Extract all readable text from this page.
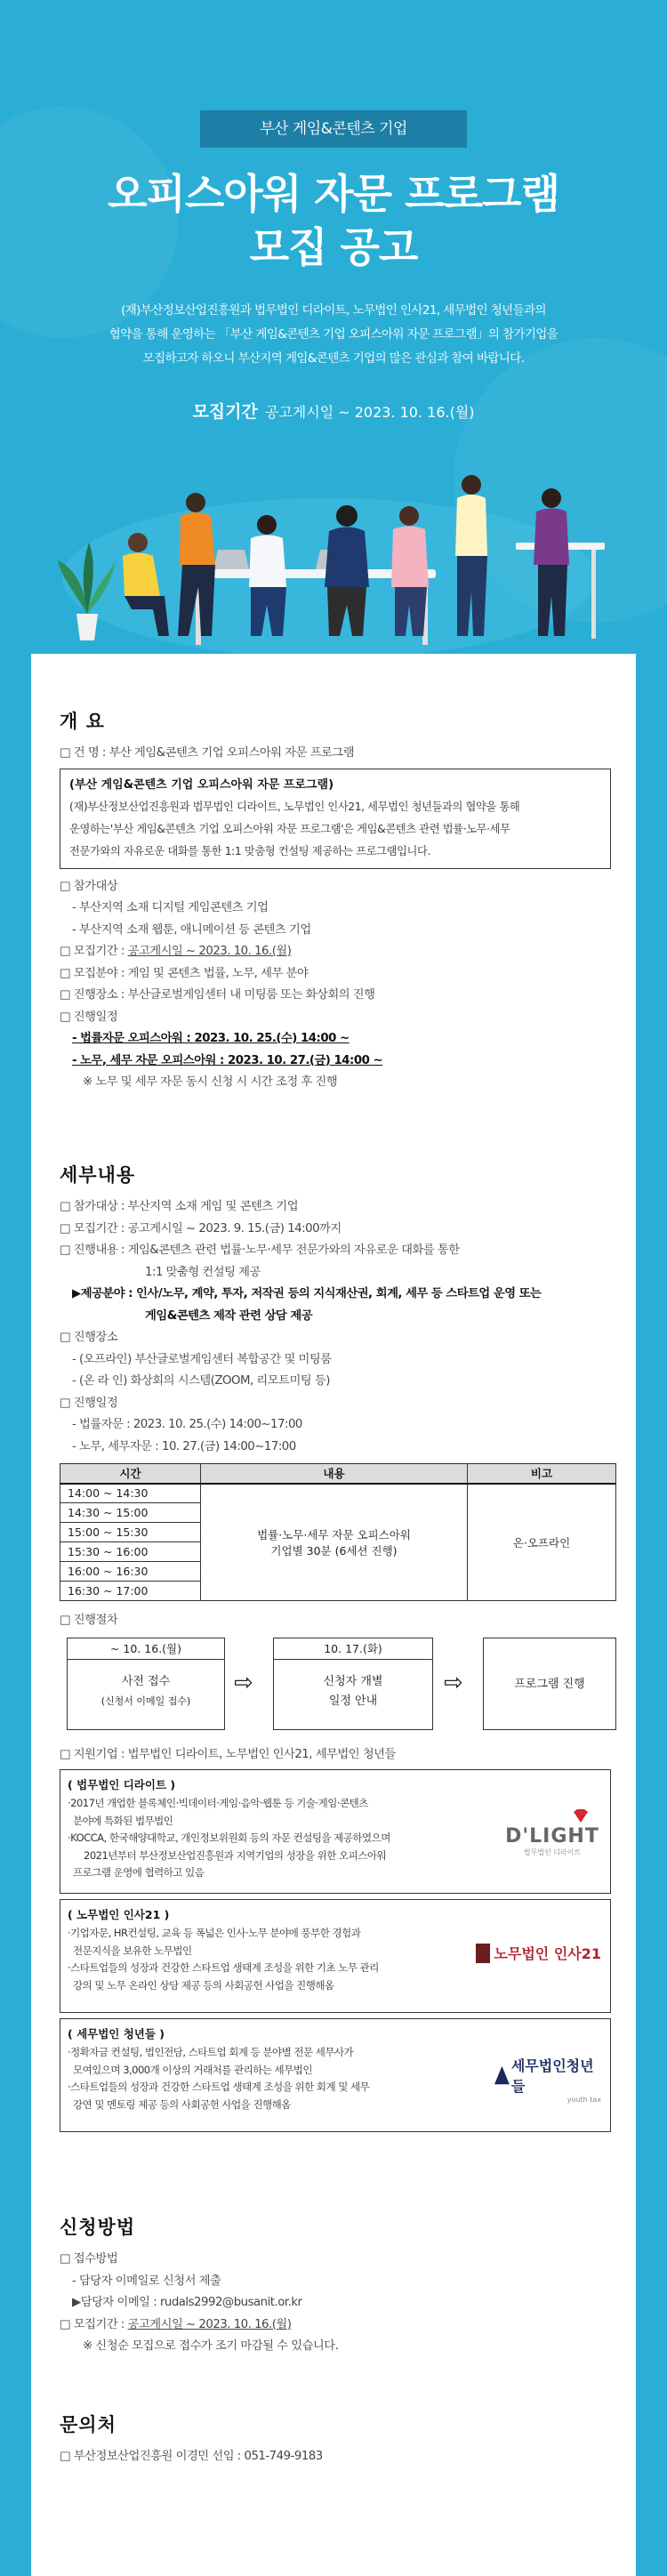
부산 게임&콘텐츠 기업
오피스아워 자문 프로그램
모집 공고
(재)부산정보산업진흥원과 법무법인 디라이트, 노무법인 인사21, 세무법인 청년들과의
협약을 통해 운영하는 「부산 게임&콘텐츠 기업 오피스아워 자문 프로그램」의 참가기업을
모집하고자 하오니 부산지역 게임&콘텐츠 기업의 많은 관심과 참여 바랍니다.
모집기간 공고게시일 ~ 2023. 10. 16.(월)
개 요
□ 건 명 : 부산 게임&콘텐츠 기업 오피스아워 자문 프로그램
(부산 게임&콘텐츠 기업 오피스아워 자문 프로그램)
(재)부산정보산업진흥원과 법무법인 디라이트, 노무법인 인사21, 세무법인 청년들과의 협약을 통해
운영하는'부산 게임&콘텐츠 기업 오피스아워 자문 프로그램'은 게임&콘텐츠 관련 법률·노무·세무
전문가와의 자유로운 대화를 통한 1:1 맞춤형 컨설팅 제공하는 프로그램입니다.
□ 참가대상
- 부산지역 소재 디지털 게임콘텐츠 기업
- 부산지역 소재 웹툰, 애니메이션 등 콘텐츠 기업
□ 모집기간 : 공고게시일 ~ 2023. 10. 16.(월)
□ 모집분야 : 게임 및 콘텐츠 법률, 노무, 세무 분야
□ 진행장소 : 부산글로벌게임센터 내 미팅룸 또는 화상회의 진행
□ 진행일정
- 법률자문 오피스아워 : 2023. 10. 25.(수) 14:00 ~
- 노무, 세무 자문 오피스아워 : 2023. 10. 27.(금) 14:00 ~
※ 노무 및 세무 자문 동시 신청 시 시간 조정 후 진행
세부내용
□ 참가대상 : 부산지역 소재 게임 및 콘텐츠 기업
□ 모집기간 : 공고게시일 ~ 2023. 9. 15.(금) 14:00까지
□ 진행내용 : 게임&콘텐츠 관련 법률·노무·세무 전문가와의 자유로운 대화를 통한
1:1 맞춤형 컨설팅 제공
▶제공분야 : 인사/노무, 계약, 투자, 저작권 등의 지식재산권, 회계, 세무 등 스타트업 운영 또는
게임&콘텐츠 제작 관련 상담 제공
□ 진행장소
- (오프라인) 부산글로벌게임센터 복합공간 및 미팅룸
- (온 라 인) 화상회의 시스템(ZOOM, 리모트미팅 등)
□ 진행일정
- 법률자문 : 2023. 10. 25.(수) 14:00~17:00
- 노무, 세무자문 : 10. 27.(금) 14:00~17:00
시간	내용	비고
14:00 ~ 14:30	법률·노무·세무 자문 오피스아워
기업별 30분 (6세션 진행)	온·오프라인
14:30 ~ 15:00		
15:00 ~ 15:30		
15:30 ~ 16:00		
16:00 ~ 16:30		
16:30 ~ 17:00		
□ 진행절차
~ 10. 16.(월)
사전 접수
(신청서 이메일 접수)
⇨
10. 17.(화)
신청자 개별
일정 안내
⇨	프로그램 진행
□ 지원기업 : 법무법인 디라이트, 노무법인 인사21, 세무법인 청년들
( 법무법인 디라이트 )
·2017년 개업한 블록체인·빅데이터·게임·음악·웹툰 등 기술·게임·콘텐츠
분야에 특화된 법무법인
·KOCCA, 한국해양대학교, 개인정보위원회 등의 자문 컨설팅을 제공하였으며
2021년부터 부산정보산업진흥원과 지역기업의 성장을 위한 오피스아워
프로그램 운영에 협력하고 있음
D'LIGHT
법무법인 디라이트
( 노무법인 인사21 )
·기업자문, HR컨설팅, 교육 등 폭넓은 인사·노무 분야에 풍부한 경험과
전문지식을 보유한 노무법인
·스타트업들의 성장과 건강한 스타트업 생태계 조성을 위한 기초 노무 관리
강의 및 노무 온라인 상담 제공 등의 사회공헌 사업을 진행해옴
노무법인 인사21
( 세무법인 청년들 )
·정확자금 컨설팅, 법인전담, 스타트업 회계 등 분야별 전문 세무사가
모여있으며 3,000개 이상의 거래처를 관리하는 세무법인
·스타트업들의 성장과 건강한 스타트업 생태계 조성을 위한 회계 및 세무
강연 및 멘토링 제공 등의 사회공헌 사업을 진행해옴
세무법인청년들
youth tax
신청방법
□ 접수방법
- 담당자 이메일로 신청서 제출
▶담당자 이메일 : rudals2992@busanit.or.kr
□ 모집기간 : 공고게시일 ~ 2023. 10. 16.(월)
※ 신청순 모집으로 접수가 조기 마감될 수 있습니다.
문의처
□ 부산정보산업진흥원 이경민 선임 : 051-749-9183
